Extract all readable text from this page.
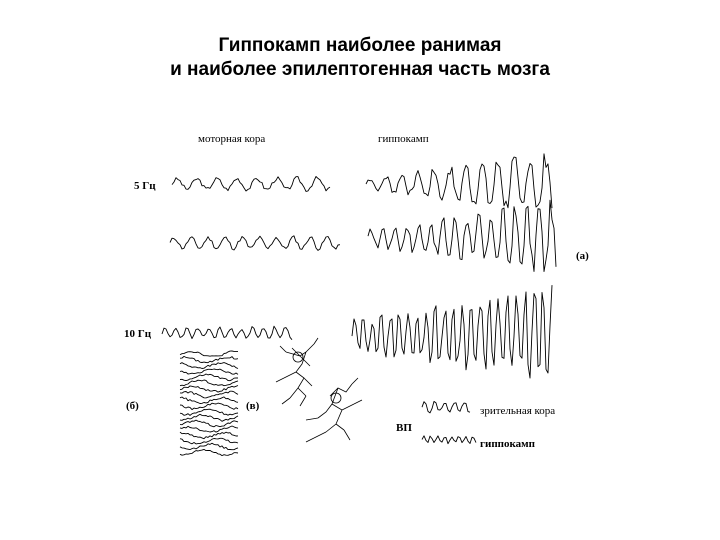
Гиппокамп наиболее ранимая
и наиболее эпилептогенная часть мозга
моторная кора	гиппокамп
5 Гц
10 Гц
(а)
(б)	(в)
ВП
зрительная кора
гиппокамп
